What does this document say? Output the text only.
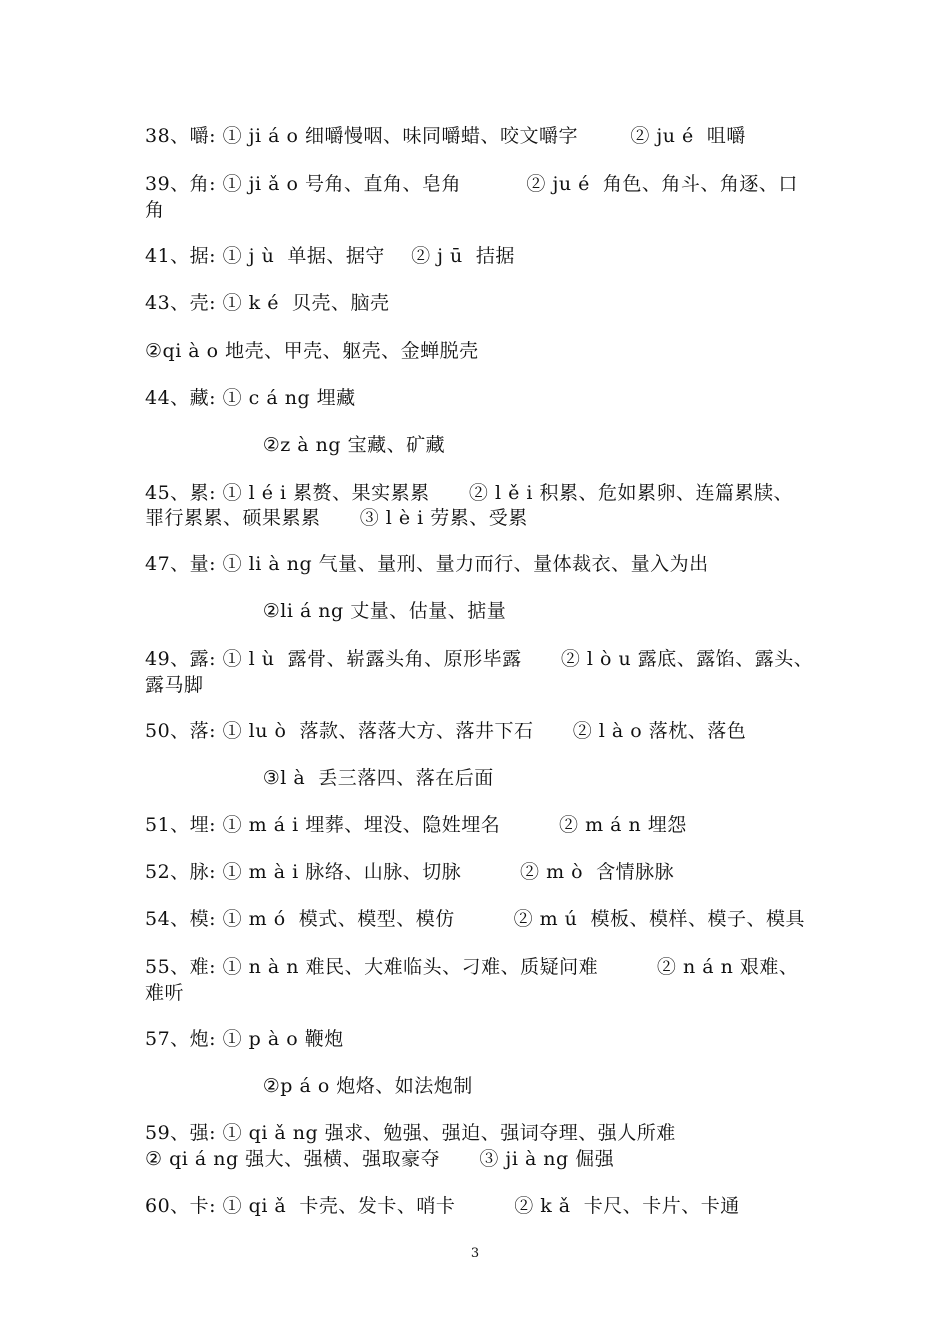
38、嚼: ① ji á o 细嚼慢咽、味同嚼蜡、咬文嚼字        ② ju é  咀嚼
39、角: ① ji ǎ o 号角、直角、皂角          ② ju é  角色、角斗、角逐、口
角
41、据: ① j ù  单据、据守    ② j ū  拮据
43、壳: ① k é  贝壳、脑壳
②qi à o 地壳、甲壳、躯壳、金蝉脱壳
44、藏: ① c á ng 埋藏
②z à ng 宝藏、矿藏
45、累: ① l é i 累赘、果实累累      ② l ě i 积累、危如累卵、连篇累牍、
罪行累累、硕果累累      ③ l è i 劳累、受累
47、量: ① li à ng 气量、量刑、量力而行、量体裁衣、量入为出
②li á ng 丈量、估量、掂量
49、露: ① l ù  露骨、崭露头角、原形毕露      ② l ò u 露底、露馅、露头、
露马脚
50、落: ① lu ò  落款、落落大方、落井下石      ② l à o 落枕、落色
③l à  丢三落四、落在后面
51、埋: ① m á i 埋葬、埋没、隐姓埋名         ② m á n 埋怨
52、脉: ① m à i 脉络、山脉、切脉         ② m ò  含情脉脉
54、模: ① m ó  模式、模型、模仿         ② m ú  模板、模样、模子、模具
55、难: ① n à n 难民、大难临头、刁难、质疑问难         ② n á n 艰难、
难听
57、炮: ① p à o 鞭炮
②p á o 炮烙、如法炮制
59、强: ① qi ǎ ng 强求、勉强、强迫、强词夺理、强人所难
② qi á ng 强大、强横、强取豪夺      ③ ji à ng 倔强
60、卡: ① qi ǎ  卡壳、发卡、哨卡         ② k ǎ  卡尺、卡片、卡通
3
